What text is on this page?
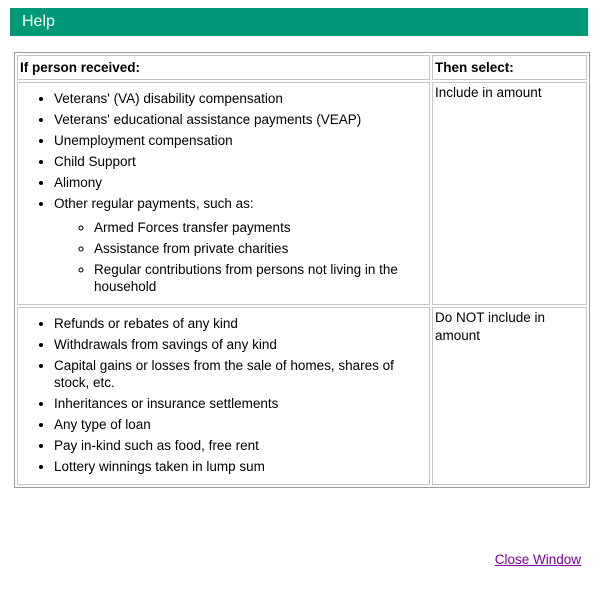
Help
If person received:	Then select:

• Veterans' (VA) disability compensation
• Veterans' educational assistance payments (VEAP)
• Unemployment compensation
• Child Support
• Alimony
• Other regular payments, such as:
◦ Armed Forces transfer payments
◦ Assistance from private charities
◦ Regular contributions from persons not living in the household
	Include in amount

• Refunds or rebates of any kind
• Withdrawals from savings of any kind
• Capital gains or losses from the sale of homes, shares of stock, etc.
• Inheritances or insurance settlements
• Any type of loan
• Pay in-kind such as food, free rent
• Lottery winnings taken in lump sum
	Do NOT include in amount
Close Window
